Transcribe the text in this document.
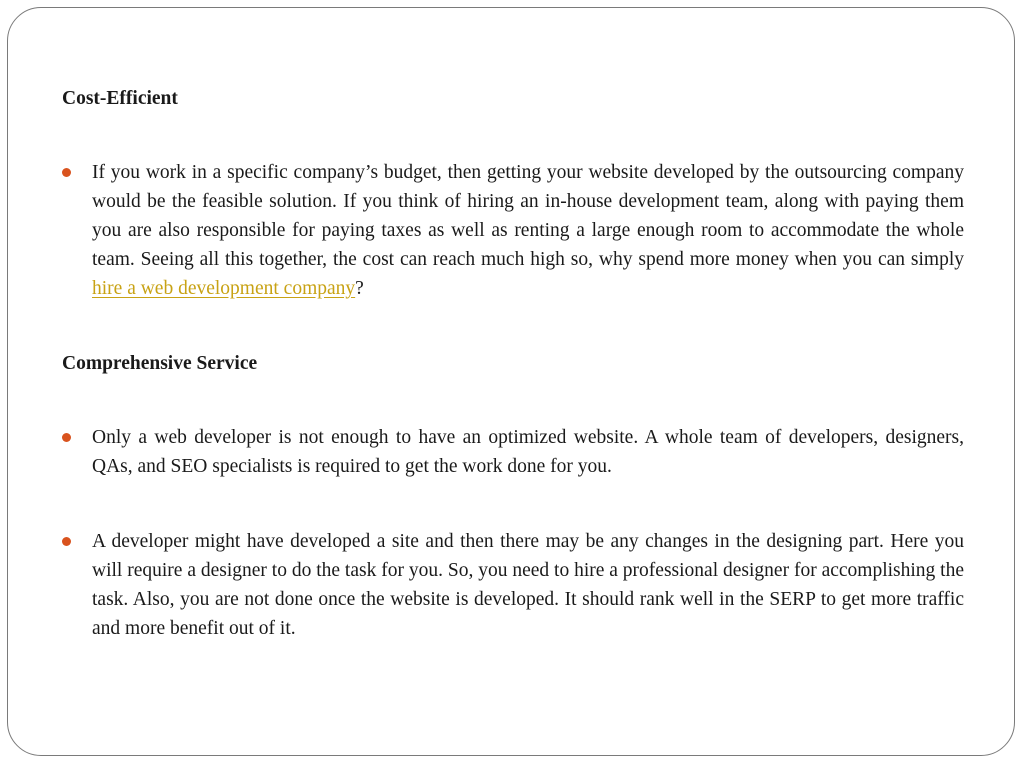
Cost-Efficient

If you work in a specific company’s budget, then getting your website developed by the outsourcing company would be the feasible solution. If you think of hiring an in-house development team, along with paying them you are also responsible for paying taxes as well as renting a large enough room to accommodate the whole team. Seeing all this together, the cost can reach much high so, why spend more money when you can simply hire a web development company?

Comprehensive Service

Only a web developer is not enough to have an optimized website. A whole team of developers, designers, QAs, and SEO specialists is required to get the work done for you.
A developer might have developed a site and then there may be any changes in the designing part. Here you will require a designer to do the task for you. So, you need to hire a professional designer for accomplishing the task. Also, you are not done once the website is developed. It should rank well in the SERP to get more traffic and more benefit out of it.
